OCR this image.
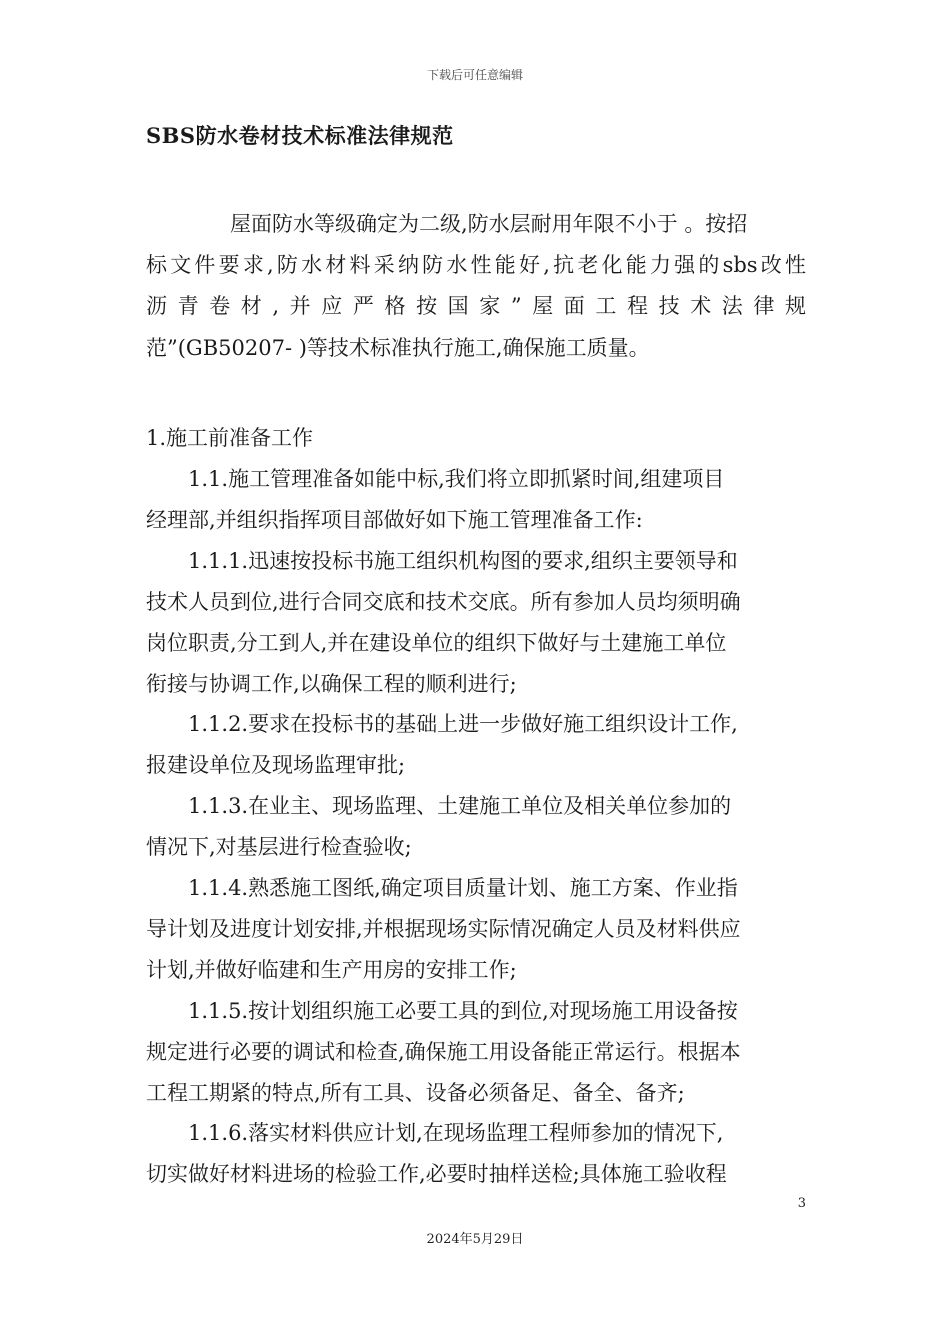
下载后可任意编辑
SBS防水卷材技术标准法律规范
屋面防水等级确定为二级,防水层耐用年限不小于 。按招
标文件要求,防水材料采纳防水性能好,抗老化能力强的sbs改性
沥青卷材,并应严格按国家”屋面工程技术法律规
范”(GB50207- )等技术标准执行施工,确保施工质量。
1.施工前准备工作
1.1.施工管理准备如能中标,我们将立即抓紧时间,组建项目
经理部,并组织指挥项目部做好如下施工管理准备工作:
1.1.1.迅速按投标书施工组织机构图的要求,组织主要领导和
技术人员到位,进行合同交底和技术交底。所有参加人员均须明确
岗位职责,分工到人,并在建设单位的组织下做好与土建施工单位
衔接与协调工作,以确保工程的顺利进行;
1.1.2.要求在投标书的基础上进一步做好施工组织设计工作,
报建设单位及现场监理审批;
1.1.3.在业主、现场监理、土建施工单位及相关单位参加的
情况下,对基层进行检查验收;
1.1.4.熟悉施工图纸,确定项目质量计划、施工方案、作业指
导计划及进度计划安排,并根据现场实际情况确定人员及材料供应
计划,并做好临建和生产用房的安排工作;
1.1.5.按计划组织施工必要工具的到位,对现场施工用设备按
规定进行必要的调试和检查,确保施工用设备能正常运行。根据本
工程工期紧的特点,所有工具、设备必须备足、备全、备齐;
1.1.6.落实材料供应计划,在现场监理工程师参加的情况下,
切实做好材料进场的检验工作,必要时抽样送检;具体施工验收程
3
2024年5月29日
